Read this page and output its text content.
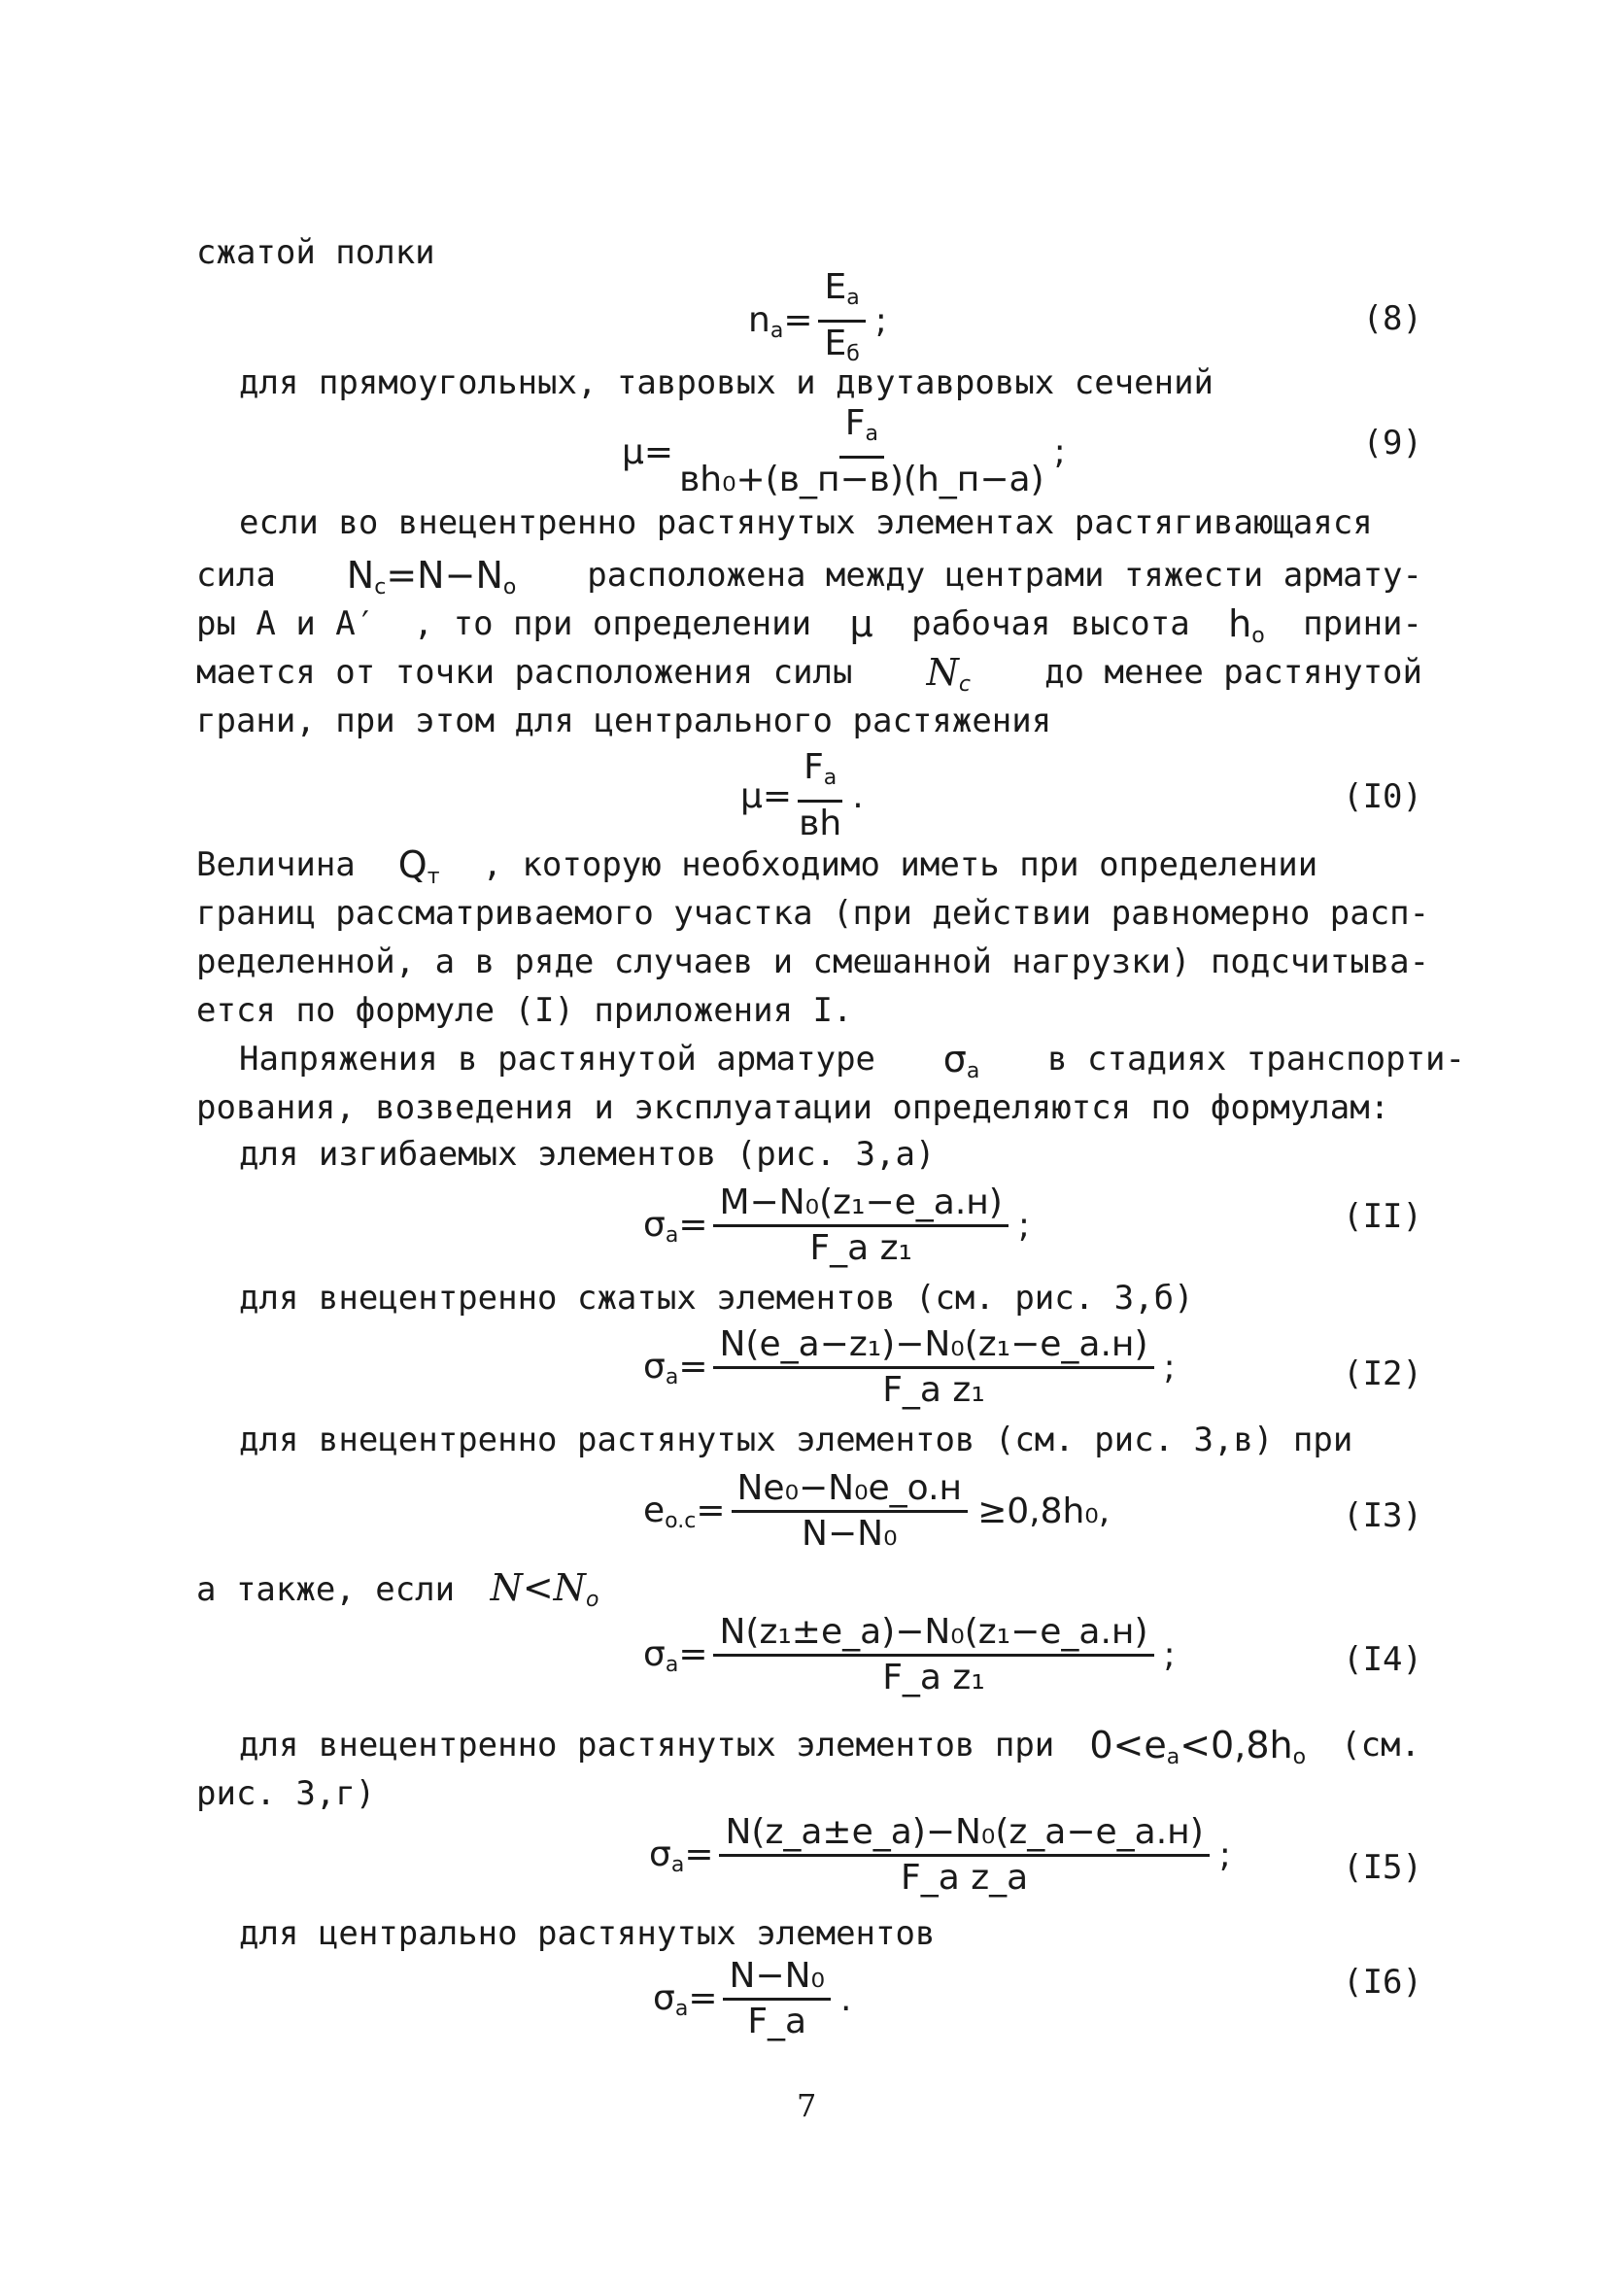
сжатой полки
$n_a= \frac{E_a}{E_б}$ ;	(8)
для прямоугольных, тавровых и двутавровых сечений
$\mu= \frac{F_a}{\text{вh₀+(в\_п−в)(h\_п−a)}}$ ;	(9)
если во внецентренно растянутых элементах растягивающаяся
сила $N_c=N-N_o$ расположена между центрами тяжести армату-
ры А и А′ , то при определении μ рабочая высота $h_o$ прини-
мается от точки расположения силы $N_c$ до менее растянутой
грани, при этом для центрального растяжения
$\mu= \frac{F_a}{вh}$ .	(I0)
Величина $Q_т$ , которую необходимо иметь при определении
границ рассматриваемого участка (при действии равномерно расп-
ределенной, а в ряде случаев и смешанной нагрузки) подсчитыва-
ется по формуле (I) приложения I.
Напряжения в растянутой арматуре $\sigma_a$ в стадиях транспорти-
рования, возведения и эксплуатации определяются по формулам:
для изгибаемых элементов (рис. 3,а)
$\sigma_a= \frac{\text{M−N₀(z₁−e\_a.н)}}{\text{F\_a z₁}}$ ;	(II)
для внецентренно сжатых элементов (см. рис. 3,б)
$\sigma_a= \frac{\text{N(e\_a−z₁)−N₀(z₁−e\_a.н)}}{\text{F\_a z₁}}$ ;	(I2)
для внецентренно растянутых элементов (см. рис. 3,в) при
$e_{o.c}= \frac{\text{Ne₀−N₀e\_o.н}}{\text{N−N₀}} \ge 0,8h_0$,	(I3)
а также, если $N<N_o$
$\sigma_a= \frac{\text{N(z₁±e\_a)−N₀(z₁−e\_a.н)}}{\text{F\_a z₁}}$ ;	(I4)
для внецентренно растянутых элементов при $0<e_a<0,8h_o$ (см.
рис. 3,г)
$\sigma_a= \frac{\text{N(z\_a±e\_a)−N₀(z\_a−e\_a.н)}}{\text{F\_a z\_a}}$ ;	(I5)
для центрально растянутых элементов
$\sigma_a= \frac{\text{N−N₀}}{F\_a}$ .	(I6)
7
